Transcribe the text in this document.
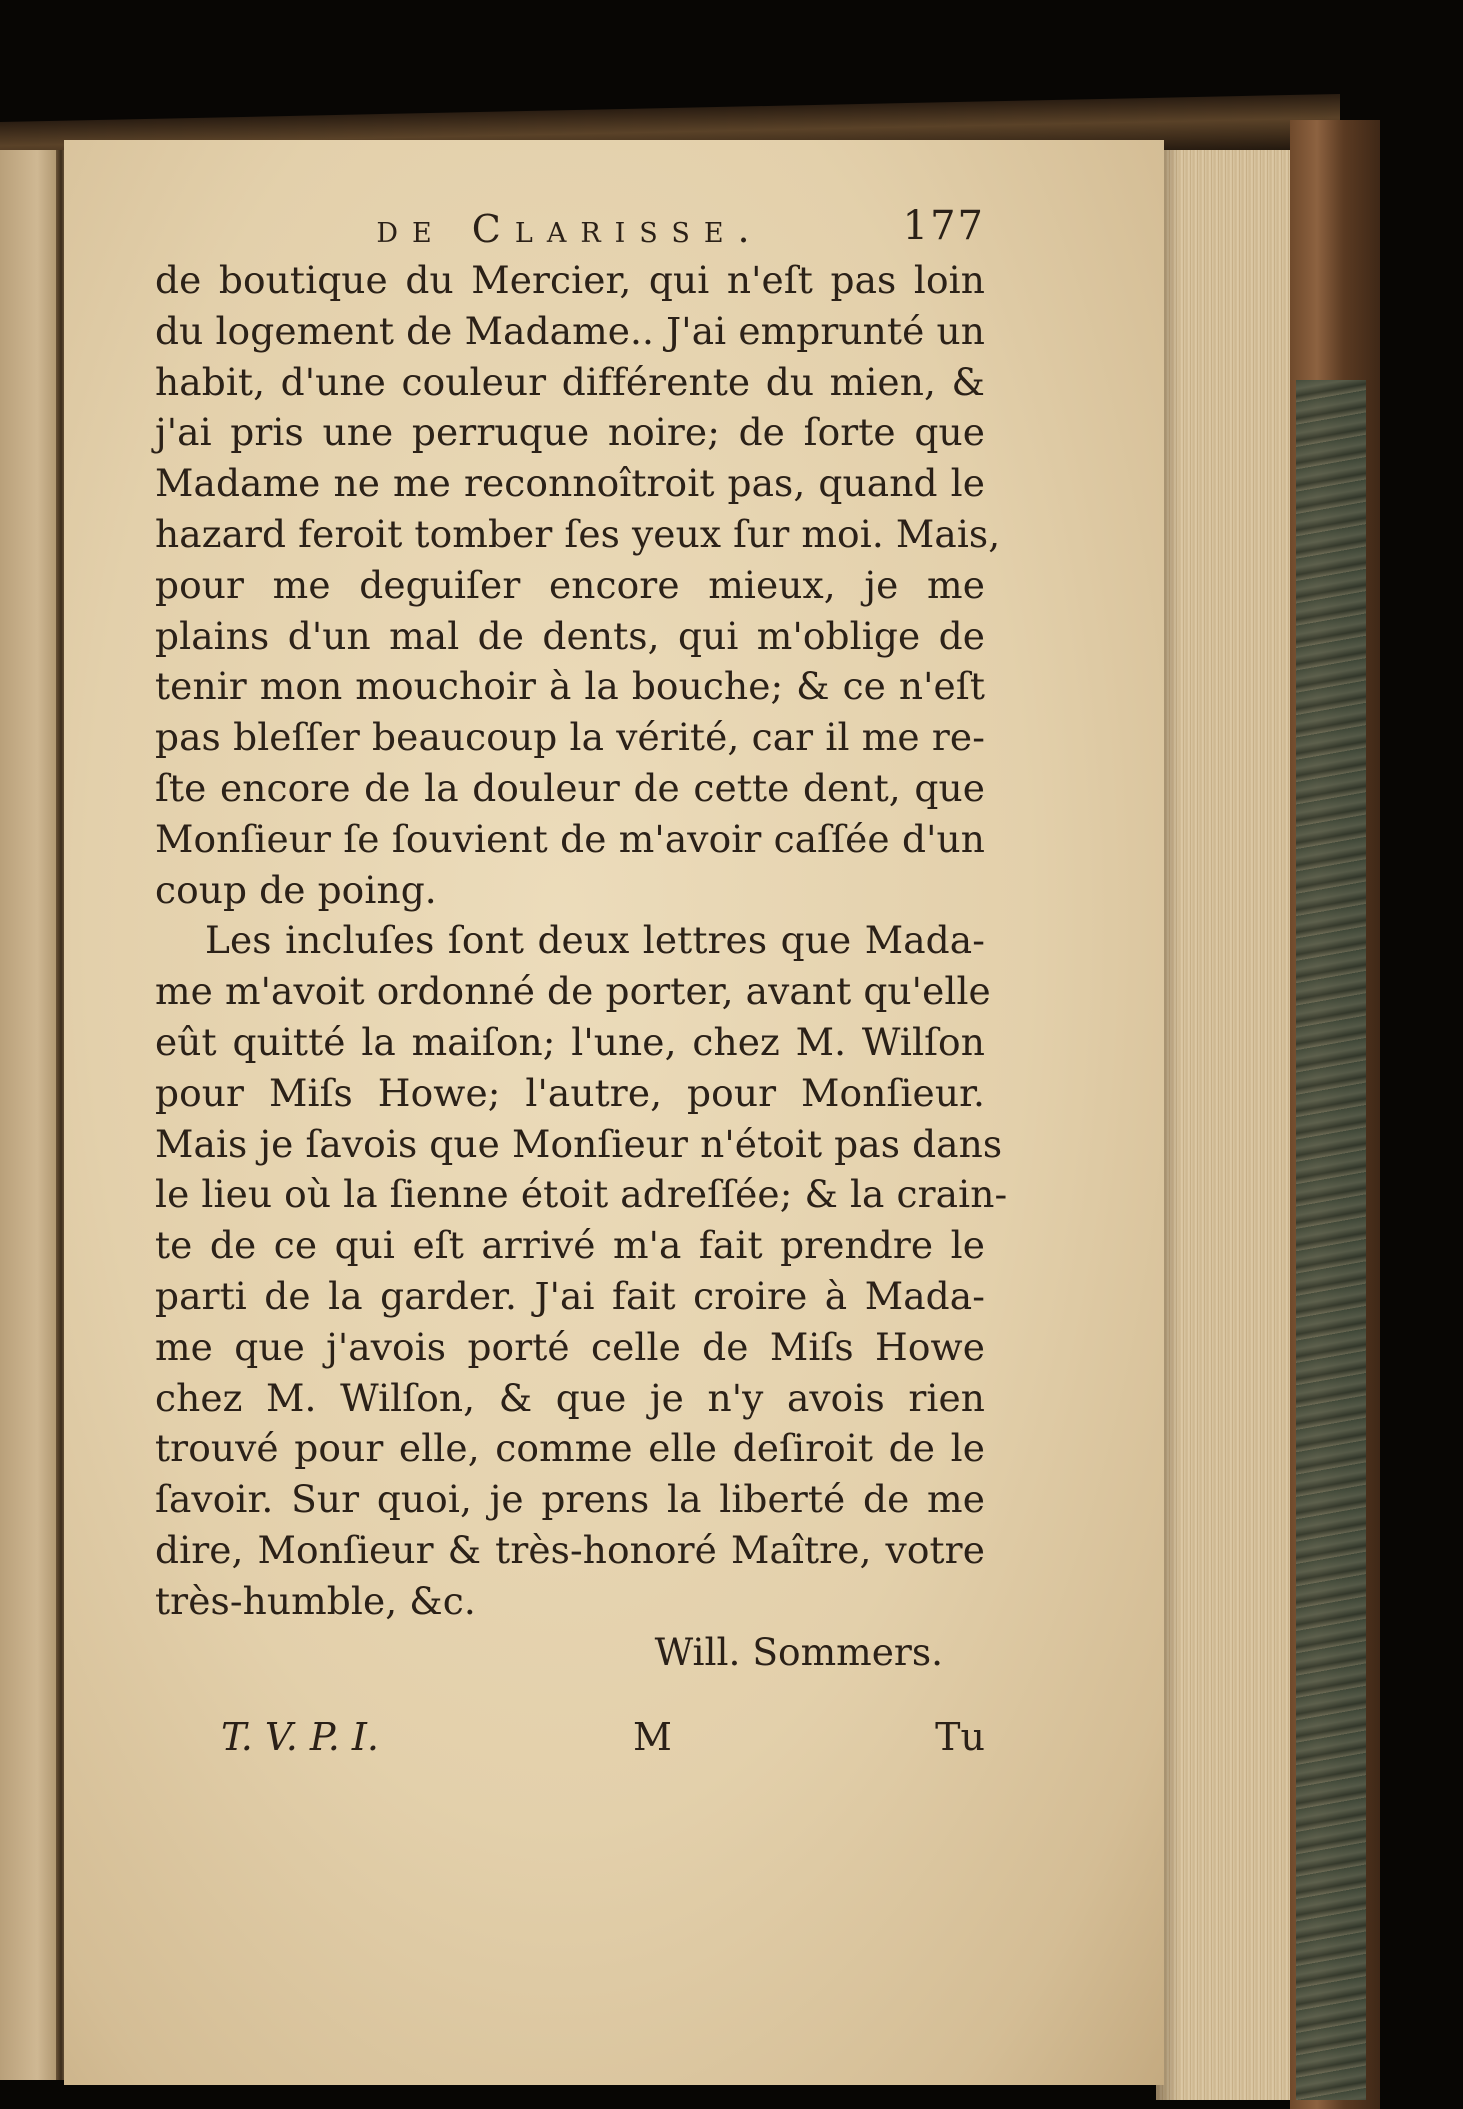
de Clarisse.	177
de boutique du Mercier, qui n'eſt pas loin
du logement de Madame.. J'ai emprunté un
habit, d'une couleur différente du mien, &
j'ai pris une perruque noire; de ſorte que
Madame ne me reconnoîtroit pas, quand le
hazard feroit tomber ſes yeux ſur moi. Mais,
pour me deguiſer encore mieux, je me
plains d'un mal de dents, qui m'oblige de
tenir mon mouchoir à la bouche; & ce n'eſt
pas bleſſer beaucoup la vérité, car il me re-
ſte encore de la douleur de cette dent, que
Monſieur ſe ſouvient de m'avoir caſſée d'un
coup de poing.
Les incluſes ſont deux lettres que Mada-
me m'avoit ordonné de porter, avant qu'elle
eût quitté la maiſon; l'une, chez M. Wilſon
pour Miſs Howe; l'autre, pour Monſieur.
Mais je ſavois que Monſieur n'étoit pas dans
le lieu où la ſienne étoit adreſſée; & la crain-
te de ce qui eſt arrivé m'a fait prendre le
parti de la garder. J'ai fait croire à Mada-
me que j'avois porté celle de Miſs Howe
chez M. Wilſon, & que je n'y avois rien
trouvé pour elle, comme elle deſiroit de le
ſavoir. Sur quoi, je prens la liberté de me
dire, Monſieur & très-honoré Maître, votre
très-humble, &c.
Will. Sommers.
T. V. P. I.	M	Tu
